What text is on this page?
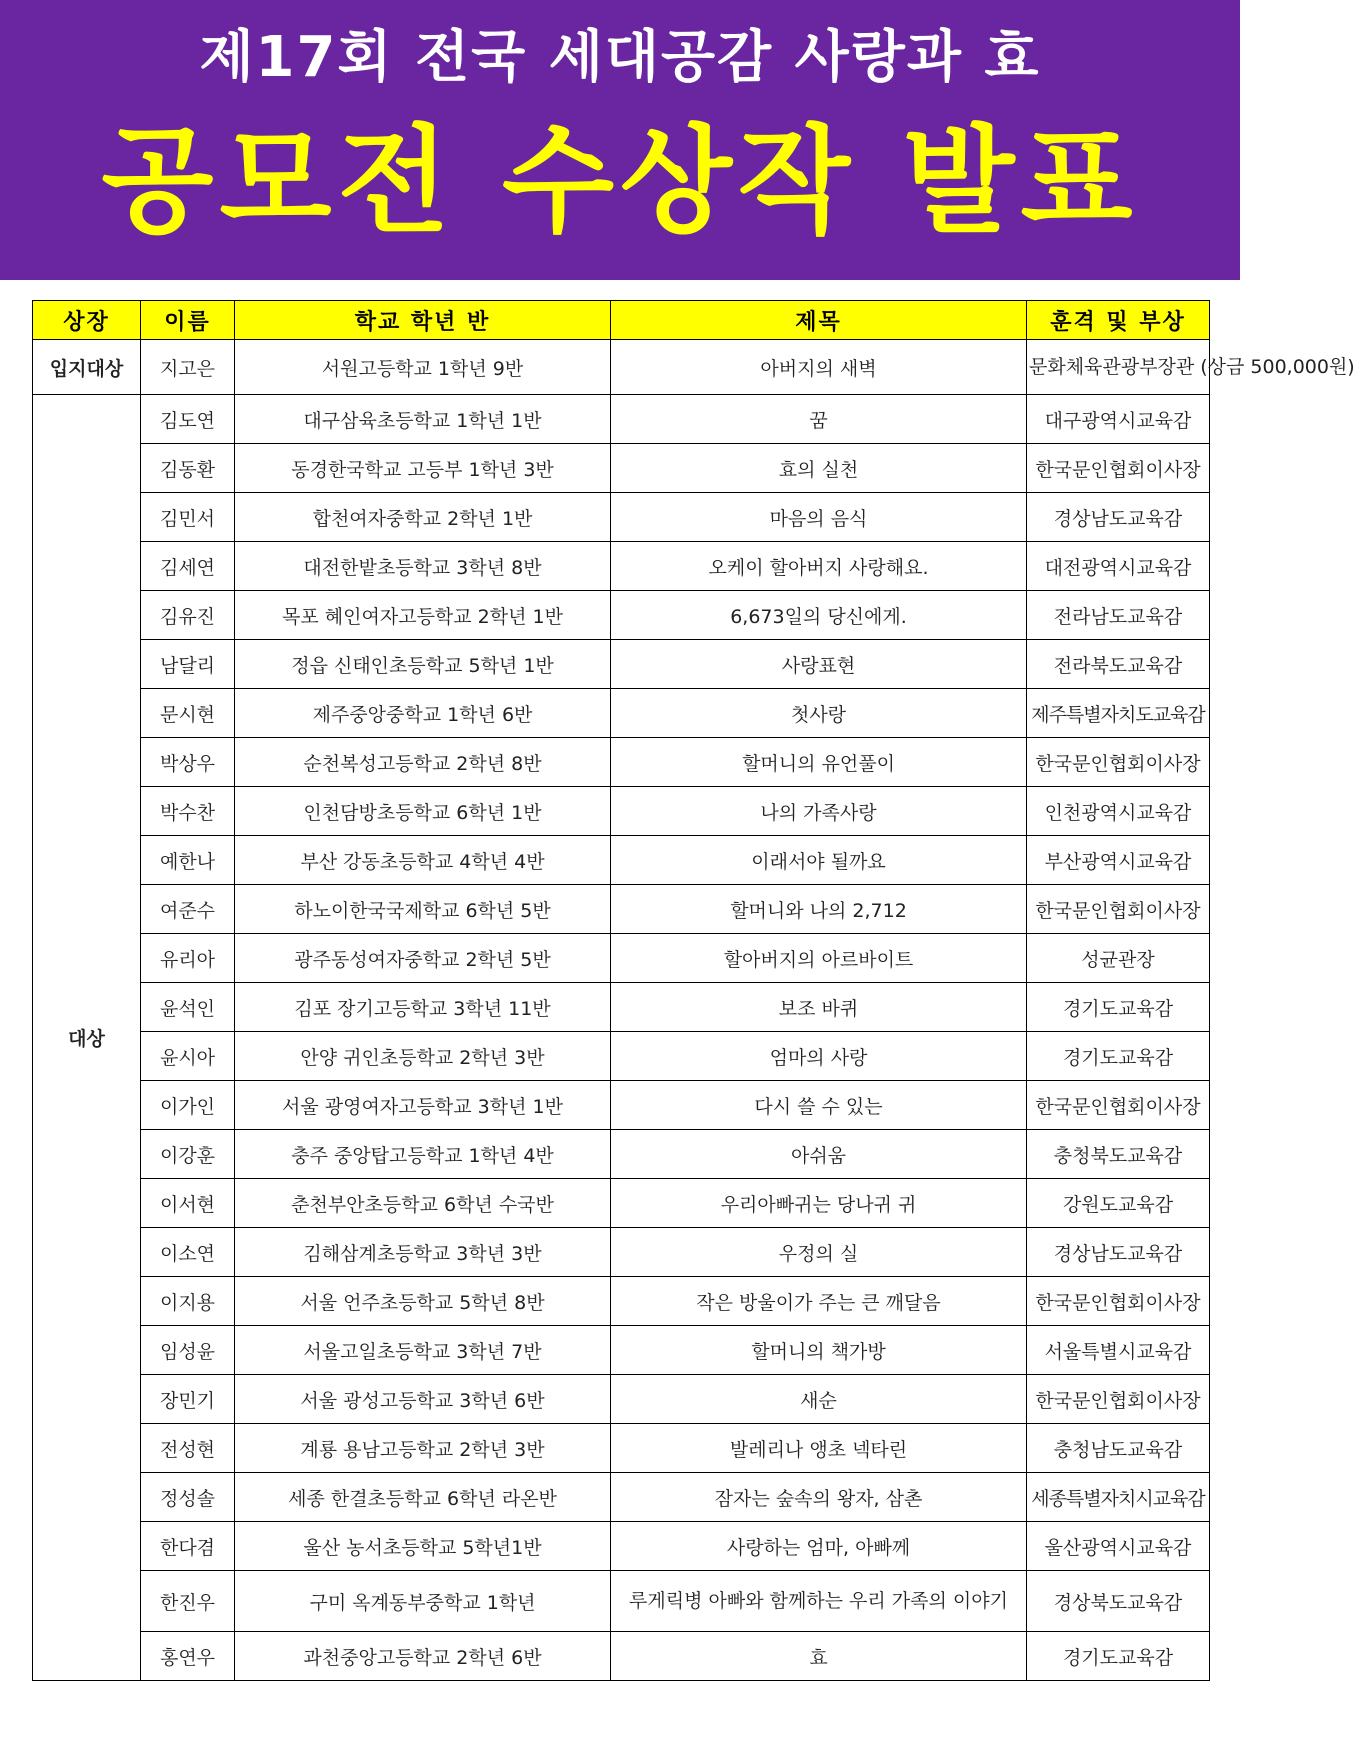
제17회 전국 세대공감 사랑과 효
공모전 수상작 발표
상장	이름	학교 학년 반	제목	훈격 및 부상
입지대상	지고은	서원고등학교 1학년 9반	아버지의 새벽	문화체육관광부장관 (상금 500,000원)
대상	김도연	대구삼육초등학교 1학년 1반	꿈	대구광역시교육감
	김동환	동경한국학교 고등부 1학년 3반	효의 실천	한국문인협회이사장
	김민서	합천여자중학교 2학년 1반	마음의 음식	경상남도교육감
	김세연	대전한밭초등학교 3학년 8반	오케이 할아버지 사랑해요.	대전광역시교육감
	김유진	목포 혜인여자고등학교 2학년 1반	6,673일의 당신에게.	전라남도교육감
	남달리	정읍 신태인초등학교 5학년 1반	사랑표현	전라북도교육감
	문시현	제주중앙중학교 1학년 6반	첫사랑	제주특별자치도교육감
	박상우	순천복성고등학교 2학년 8반	할머니의 유언풀이	한국문인협회이사장
	박수찬	인천담방초등학교 6학년 1반	나의 가족사랑	인천광역시교육감
	예한나	부산 강동초등학교 4학년 4반	이래서야 될까요	부산광역시교육감
	여준수	하노이한국국제학교 6학년 5반	할머니와 나의 2,712	한국문인협회이사장
	유리아	광주동성여자중학교 2학년 5반	할아버지의 아르바이트	성균관장
	윤석인	김포 장기고등학교 3학년 11반	보조 바퀴	경기도교육감
	윤시아	안양 귀인초등학교 2학년 3반	엄마의 사랑	경기도교육감
	이가인	서울 광영여자고등학교 3학년 1반	다시 쓸 수 있는	한국문인협회이사장
	이강훈	충주 중앙탑고등학교 1학년 4반	아쉬움	충청북도교육감
	이서현	춘천부안초등학교 6학년 수국반	우리아빠귀는 당나귀 귀	강원도교육감
	이소연	김해삼계초등학교 3학년 3반	우정의 실	경상남도교육감
	이지용	서울 언주초등학교 5학년 8반	작은 방울이가 주는 큰 깨달음	한국문인협회이사장
	임성윤	서울고일초등학교 3학년 7반	할머니의 책가방	서울특별시교육감
	장민기	서울 광성고등학교 3학년 6반	새순	한국문인협회이사장
	전성현	계룡 용남고등학교 2학년 3반	발레리나 앵초 넥타린	충청남도교육감
	정성솔	세종 한결초등학교 6학년 라온반	잠자는 숲속의 왕자, 삼촌	세종특별자치시교육감
	한다겸	울산 농서초등학교 5학년1반	사랑하는 엄마, 아빠께	울산광역시교육감
	한진우	구미 옥계동부중학교 1학년	루게릭병 아빠와 함께하는 우리 가족의 이야기	경상북도교육감
	홍연우	과천중앙고등학교 2학년 6반	효	경기도교육감
